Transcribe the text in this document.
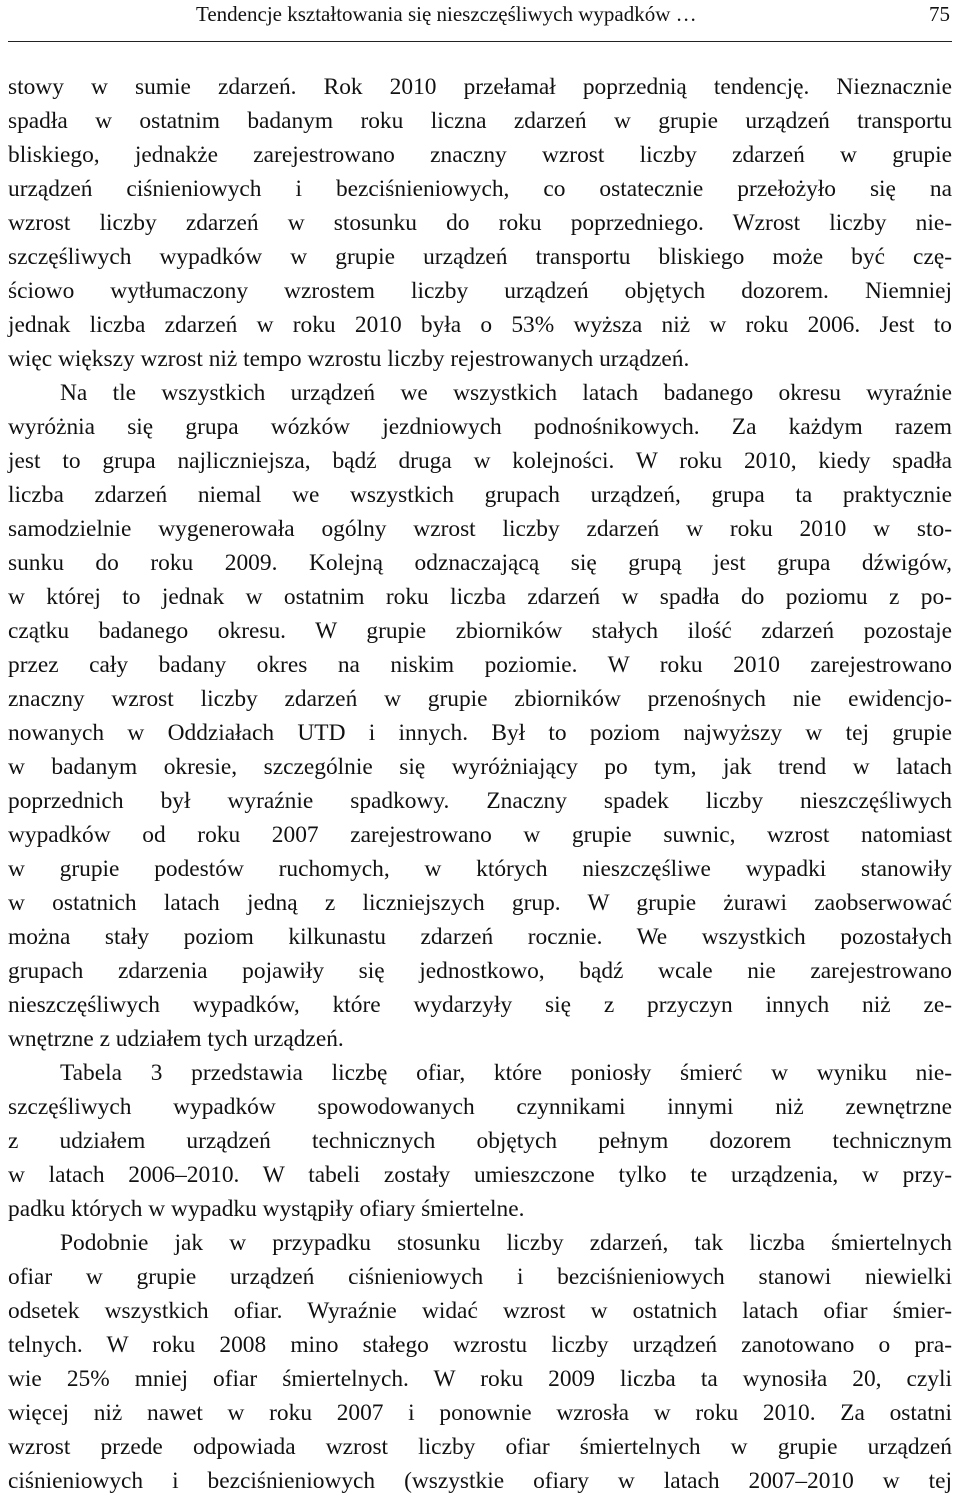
Tendencje kształtowania się nieszczęśliwych wypadków …	75
stowy w sumie zdarzeń. Rok 2010 przełamał poprzednią tendencję. Nieznacznie
spadła w ostatnim badanym roku liczna zdarzeń w grupie urządzeń transportu
bliskiego, jednakże zarejestrowano znaczny wzrost liczby zdarzeń w grupie
urządzeń ciśnieniowych i bezciśnieniowych, co ostatecznie przełożyło się na
wzrost liczby zdarzeń w stosunku do roku poprzedniego. Wzrost liczby nie-
szczęśliwych wypadków w grupie urządzeń transportu bliskiego może być czę-
ściowo wytłumaczony wzrostem liczby urządzeń objętych dozorem. Niemniej
jednak liczba zdarzeń w roku 2010 była o 53% wyższa niż w roku 2006. Jest to
więc większy wzrost niż tempo wzrostu liczby rejestrowanych urządzeń.
Na tle wszystkich urządzeń we wszystkich latach badanego okresu wyraźnie
wyróżnia się grupa wózków jezdniowych podnośnikowych. Za każdym razem
jest to grupa najliczniejsza, bądź druga w kolejności. W roku 2010, kiedy spadła
liczba zdarzeń niemal we wszystkich grupach urządzeń, grupa ta praktycznie
samodzielnie wygenerowała ogólny wzrost liczby zdarzeń w roku 2010 w sto-
sunku do roku 2009. Kolejną odznaczającą się grupą jest grupa dźwigów,
w której to jednak w ostatnim roku liczba zdarzeń w spadła do poziomu z po-
czątku badanego okresu. W grupie zbiorników stałych ilość zdarzeń pozostaje
przez cały badany okres na niskim poziomie. W roku 2010 zarejestrowano
znaczny wzrost liczby zdarzeń w grupie zbiorników przenośnych nie ewidencjo-
nowanych w Oddziałach UTD i innych. Był to poziom najwyższy w tej grupie
w badanym okresie, szczególnie się wyróżniający po tym, jak trend w latach
poprzednich był wyraźnie spadkowy. Znaczny spadek liczby nieszczęśliwych
wypadków od roku 2007 zarejestrowano w grupie suwnic, wzrost natomiast
w grupie podestów ruchomych, w których nieszczęśliwe wypadki stanowiły
w ostatnich latach jedną z liczniejszych grup. W grupie żurawi zaobserwować
można stały poziom kilkunastu zdarzeń rocznie. We wszystkich pozostałych
grupach zdarzenia pojawiły się jednostkowo, bądź wcale nie zarejestrowano
nieszczęśliwych wypadków, które wydarzyły się z przyczyn innych niż ze-
wnętrzne z udziałem tych urządzeń.
Tabela 3 przedstawia liczbę ofiar, które poniosły śmierć w wyniku nie-
szczęśliwych wypadków spowodowanych czynnikami innymi niż zewnętrzne
z udziałem urządzeń technicznych objętych pełnym dozorem technicznym
w latach 2006–2010. W tabeli zostały umieszczone tylko te urządzenia, w przy-
padku których w wypadku wystąpiły ofiary śmiertelne.
Podobnie jak w przypadku stosunku liczby zdarzeń, tak liczba śmiertelnych
ofiar w grupie urządzeń ciśnieniowych i bezciśnieniowych stanowi niewielki
odsetek wszystkich ofiar. Wyraźnie widać wzrost w ostatnich latach ofiar śmier-
telnych. W roku 2008 mino stałego wzrostu liczby urządzeń zanotowano o pra-
wie 25% mniej ofiar śmiertelnych. W roku 2009 liczba ta wynosiła 20, czyli
więcej niż nawet w roku 2007 i ponownie wzrosła w roku 2010. Za ostatni
wzrost przede odpowiada wzrost liczby ofiar śmiertelnych w grupie urządzeń
ciśnieniowych i bezciśnieniowych (wszystkie ofiary w latach 2007–2010 w tej
